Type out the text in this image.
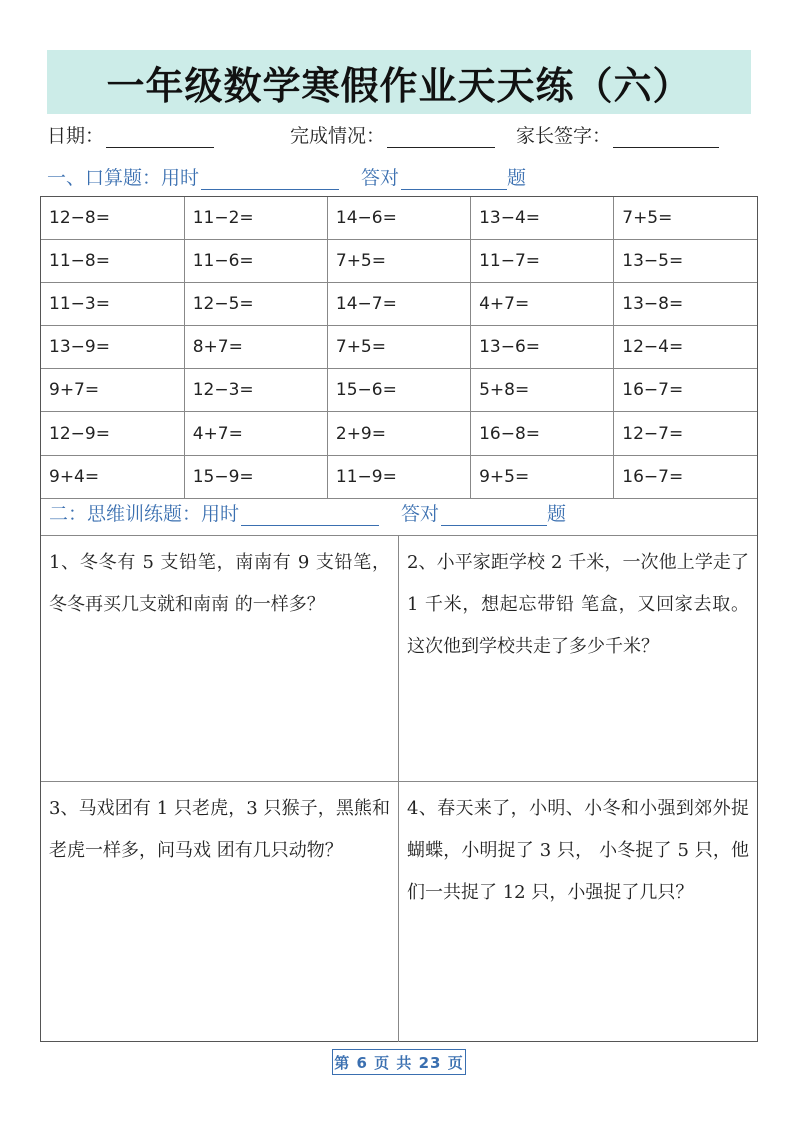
一年级数学寒假作业天天练（六）
日期：	完成情况：	家长签字：
一、口算题：用时	答对	题
12−8=	11−2=	14−6=	13−4=	7+5=
11−8=	11−6=	7+5=	11−7=	13−5=
11−3=	12−5=	14−7=	4+7=	13−8=
13−9=	8+7=	7+5=	13−6=	12−4=
9+7=	12−3=	15−6=	5+8=	16−7=
12−9=	4+7=	2+9=	16−8=	12−7=
9+4=	15−9=	11−9=	9+5=	16−7=
二：思维训练题：用时	答对	题
1、冬冬有 5 支铅笔，南南有 9 支铅笔，冬冬再买几支就和南南 的一样多？
2、小平家距学校 2 千米，一次他上学走了 1 千米，想起忘带铅 笔盒，又回家去取。这次他到学校共走了多少千米？
3、马戏团有 1 只老虎，3 只猴子，黑熊和老虎一样多，问马戏 团有几只动物？
4、春天来了，小明、小冬和小强到郊外捉蝴蝶，小明捉了 3 只， 小冬捉了 5 只，他们一共捉了 12 只，小强捉了几只？
第 6 页 共 23 页
